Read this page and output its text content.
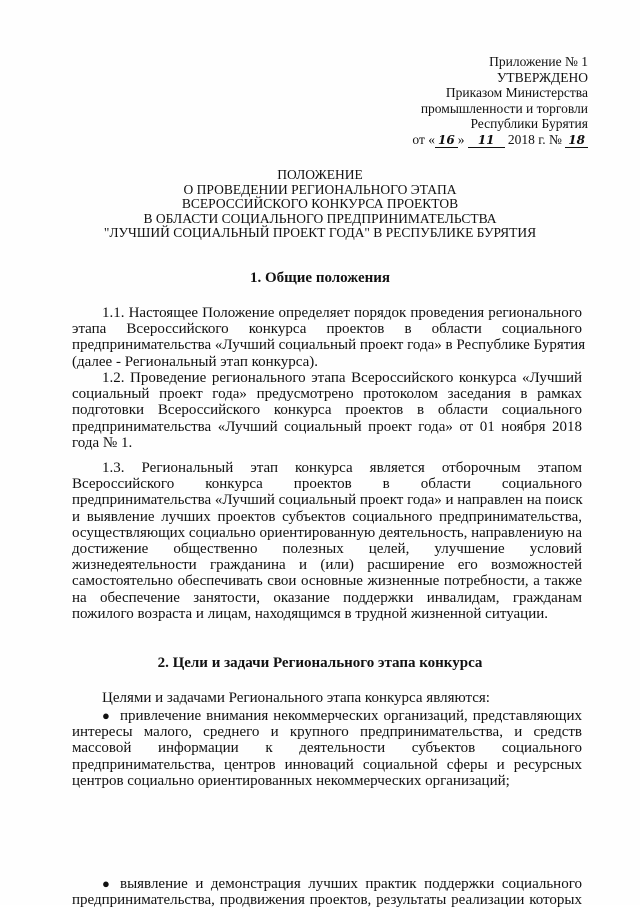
Приложение № 1
УТВЕРЖДЕНО
Приказом Министерства
промышленности и торговли
Республики Бурятия
от « 16 » 11 2018 г. № 18
ПОЛОЖЕНИЕ
О ПРОВЕДЕНИИ РЕГИОНАЛЬНОГО ЭТАПА
ВСЕРОССИЙСКОГО КОНКУРСА ПРОЕКТОВ
В ОБЛАСТИ СОЦИАЛЬНОГО ПРЕДПРИНИМАТЕЛЬСТВА
"ЛУЧШИЙ СОЦИАЛЬНЫЙ ПРОЕКТ ГОДА" В РЕСПУБЛИКЕ БУРЯТИЯ
1. Общие положения
1.1. Настоящее Положение определяет порядок проведения регионального
этапа Всероссийского конкурса проектов в области социального
предпринимательства «Лучший социальный проект года» в Республике Бурятия
(далее - Региональный этап конкурса).
1.2. Проведение регионального этапа Всероссийского конкурса «Лучший
социальный проект года» предусмотрено протоколом заседания в рамках
подготовки Всероссийского конкурса проектов в области социального
предпринимательства «Лучший социальный проект года» от 01 ноября 2018
года № 1.
1.3. Региональный этап конкурса является отборочным этапом
Всероссийского конкурса проектов в области социального
предпринимательства «Лучший социальный проект года» и направлен на поиск
и выявление лучших проектов субъектов социального предпринимательства,
осуществляющих социально ориентированную деятельность, направлениую на
достижение общественно полезных целей, улучшение условий
жизнедеятельности гражданина и (или) расширение его возможностей
самостоятельно обеспечивать свои основные жизненные потребности, а также
на обеспечение занятости, оказание поддержки инвалидам, гражданам
пожилого возраста и лицам, находящимся в трудной жизненной ситуации.
2. Цели и задачи Регионального этапа конкурса
Целями и задачами Регионального этапа конкурса являются:
● привлечение внимания некоммерческих организаций, представляющих
интересы малого, среднего и крупного предпринимательства, и средств
массовой информации к деятельности субъектов социального
предпринимательства, центров инноваций социальной сферы и ресурсных
центров социально ориентированных некоммерческих организаций;
● выявление и демонстрация лучших практик поддержки социального
предпринимательства, продвижения проектов, результаты реализации которых
